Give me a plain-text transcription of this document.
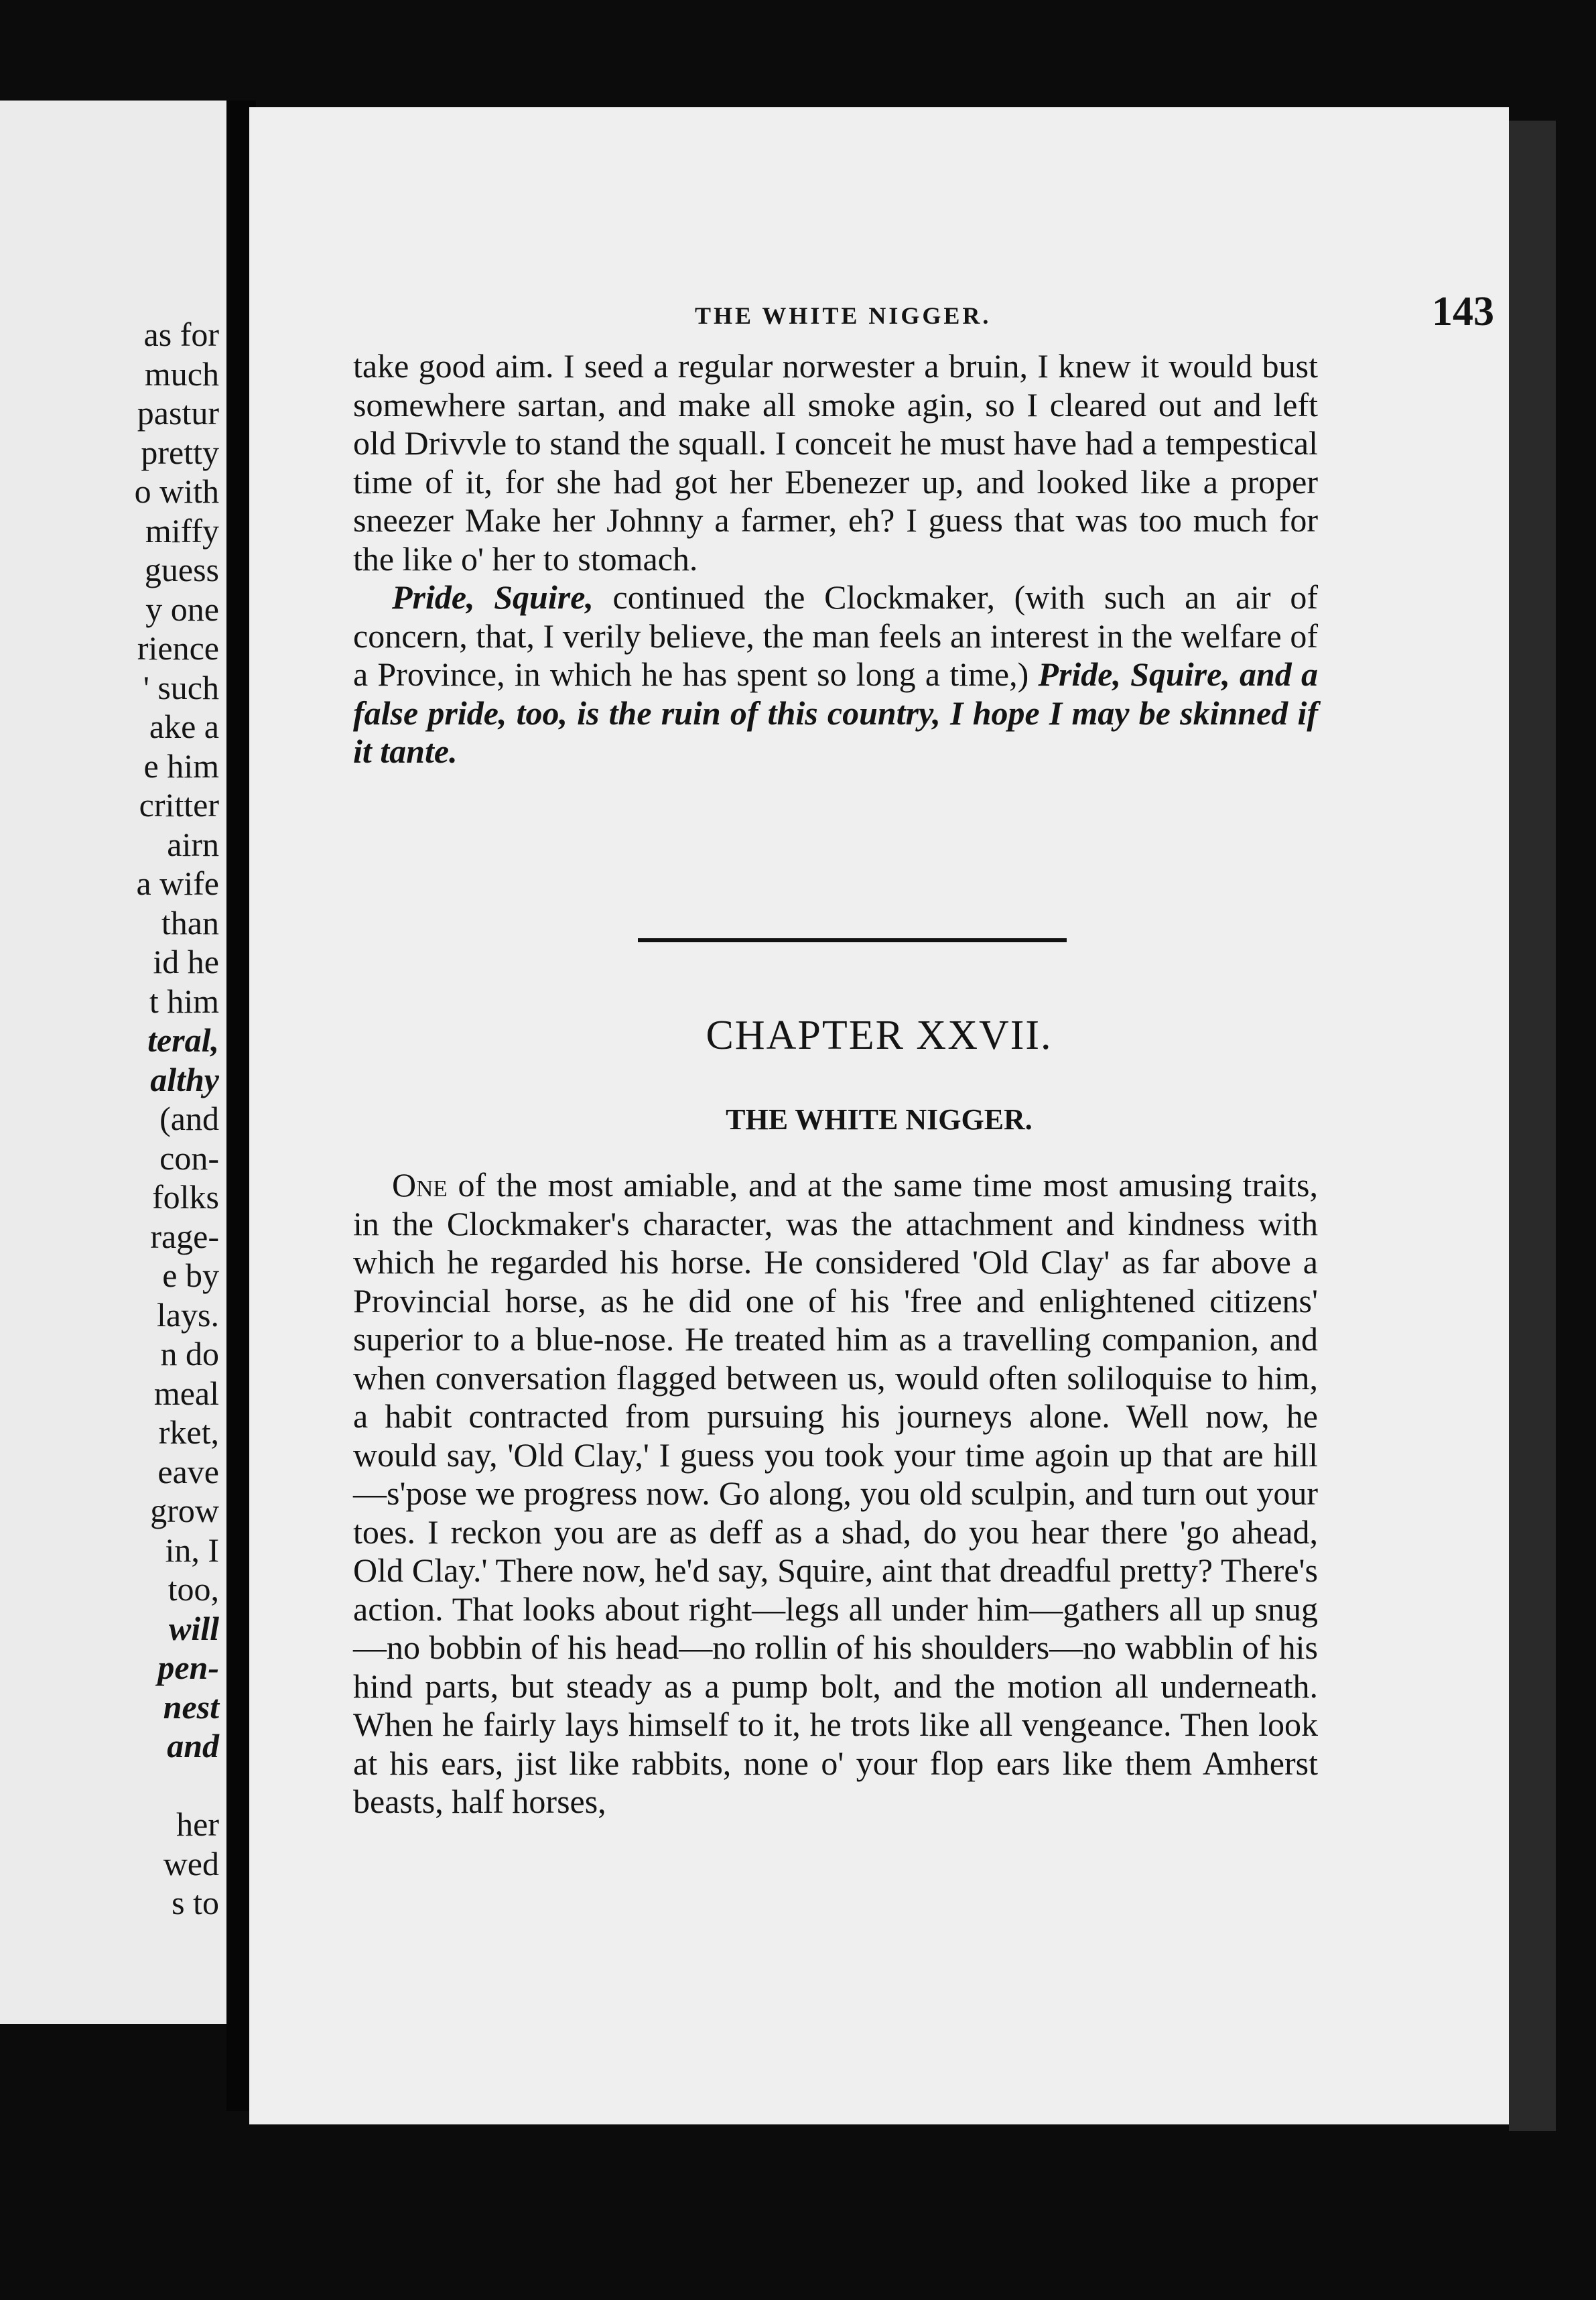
as for
much
pastur
pretty
o with
miffy
guess
y one
rience
' such
ake a
e him
critter
airn
a wife
than
id he
t him
teral,
althy
(and
con-
folks
rage-
e by
lays.
n do
meal
rket,
eave
grow
in, I
too,
will
pen-
nest
and
her
wed
s to
THE WHITE NIGGER.	143

take good aim. I seed a regular norwester a bruin, I knew it would bust somewhere sartan, and make all smoke agin, so I cleared out and left old Drivvle to stand the squall. I conceit he must have had a tempestical time of it, for she had got her Ebenezer up, and looked like a proper sneezer Make her Johnny a farmer, eh? I guess that was too much for the like o' her to stomach.

Pride, Squire, continued the Clockmaker, (with such an air of concern, that, I verily believe, the man feels an interest in the welfare of a Province, in which he has spent so long a time,) Pride, Squire, and a false pride, too, is the ruin of this country, I hope I may be skinned if it tante.

CHAPTER XXVII.
THE WHITE NIGGER.

One of the most amiable, and at the same time most amusing traits, in the Clockmaker's character, was the attachment and kindness with which he regarded his horse. He considered 'Old Clay' as far above a Provincial horse, as he did one of his 'free and enlightened citizens' superior to a blue-nose. He treated him as a travelling companion, and when conversation flagged between us, would often soliloquise to him, a habit contracted from pursuing his journeys alone. Well now, he would say, 'Old Clay,' I guess you took your time agoin up that are hill—s'pose we progress now. Go along, you old sculpin, and turn out your toes. I reckon you are as deff as a shad, do you hear there 'go ahead, Old Clay.' There now, he'd say, Squire, aint that dreadful pretty? There's action. That looks about right—legs all under him—gathers all up snug—no bobbin of his head—no rollin of his shoulders—no wabblin of his hind parts, but steady as a pump bolt, and the motion all underneath. When he fairly lays himself to it, he trots like all vengeance. Then look at his ears, jist like rabbits, none o' your flop ears like them Amherst beasts, half horses,
